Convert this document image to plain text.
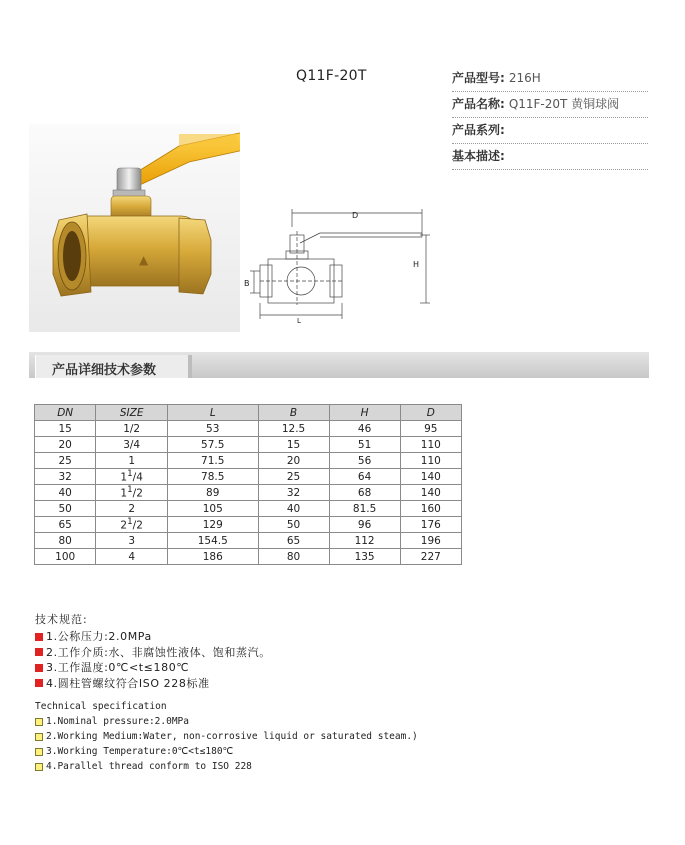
Q11F-20T	产品型号: 216H
产品名称: Q11F-20T 黄铜球阀
产品系列:
基本描述:
▲
D
H
B
L
产品详细技术参数
DN	SIZE	L	B	H	D
15	1/2	53	12.5	46	95
20	3/4	57.5	15	51	110
25	1	71.5	20	56	110
32	$1^1/4$	78.5	25	64	140
40	$1^1/2$	89	32	68	140
50	2	105	40	81.5	160
65	$2^1/2$	129	50	96	176
80	3	154.5	65	112	196
100	4	186	80	135	227
技术规范:
1.公称压力:2.0MPa
2.工作介质:水、非腐蚀性液体、饱和蒸汽。
3.工作温度:0℃<t≤180℃
4.圆柱管螺纹符合ISO 228标准
Technical specification
1.Nominal pressure:2.0MPa
2.Working Medium:Water, non-corrosive liquid or saturated steam.)
3.Working Temperature:0℃<t≤180℃
4.Parallel thread conform to ISO 228
